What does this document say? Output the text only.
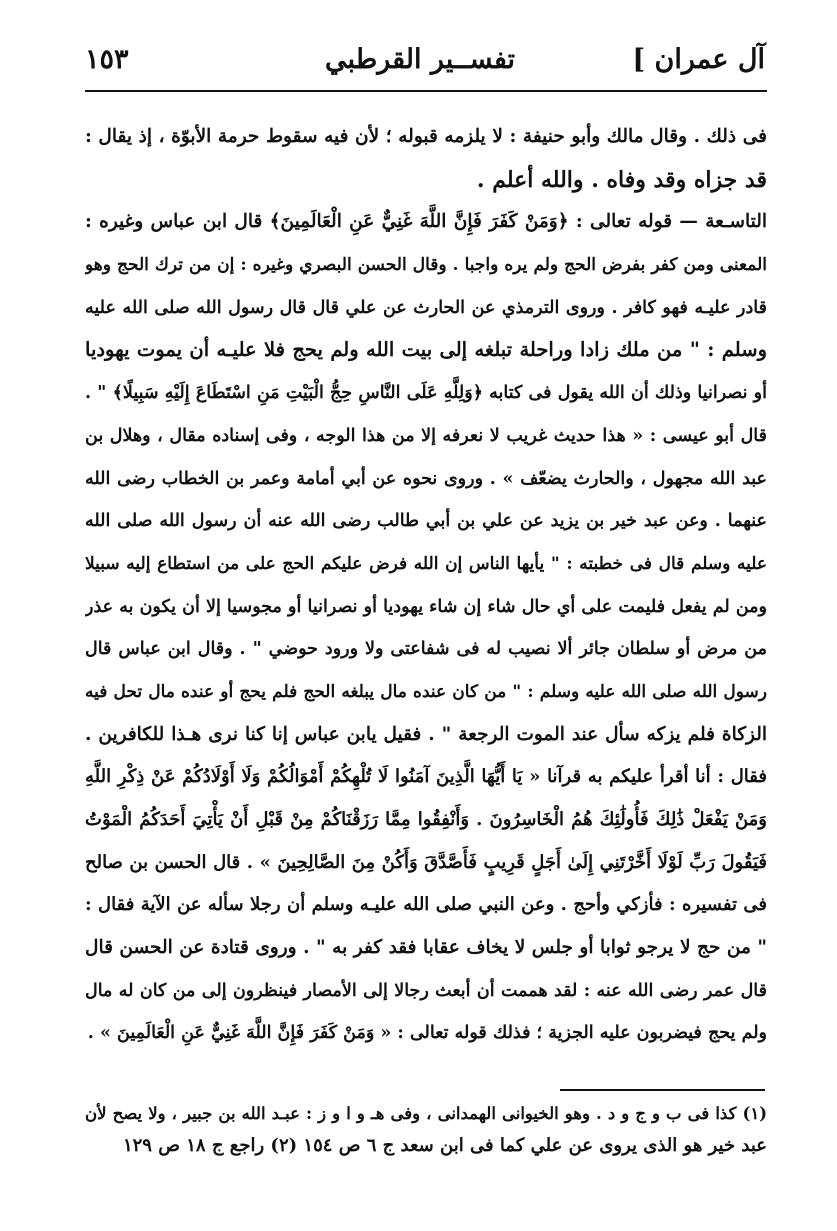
آل عمران ]
تفســير القرطبي
١٥٣
فى ذلك . وقال مالك وأبو حنيفة : لا يلزمه قبوله ؛ لأن فيه سقوط حرمة الأبوّة ، إذ يقال :
قد جزاه وقد وفاه . والله أعلم .
التاسـعة — قوله تعالى : ﴿وَمَنْ كَفَرَ فَإِنَّ اللَّهَ غَنِيٌّ عَنِ الْعَالَمِينَ﴾ قال ابن عباس وغيره :
المعنى ومن كفر بفرض الحج ولم يره واجبا . وقال الحسن البصري وغيره : إن من ترك الحج وهو
قادر عليـه فهو كافر . وروى الترمذي عن الحارث عن علي قال قال رسول الله صلى الله عليه
وسلم : " من ملك زادا وراحلة تبلغه إلى بيت الله ولم يحج فلا عليـه أن يموت يهوديا
أو نصرانيا وذلك أن الله يقول فى كتابه ﴿وَلِلَّهِ عَلَى النَّاسِ حِجُّ الْبَيْتِ مَنِ اسْتَطَاعَ إِلَيْهِ سَبِيلًا﴾ " .
قال أبو عيسى : « هذا حديث غريب لا نعرفه إلا من هذا الوجه ، وفى إسناده مقال ، وهلال بن
عبد الله مجهول ، والحارث يضعّف » . وروى نحوه عن أبي أمامة وعمر بن الخطاب رضى الله
عنهما . وعن عبد خير بن يزيد عن علي بن أبي طالب رضى الله عنه أن رسول الله صلى الله
عليه وسلم قال فى خطبته : " يأيها الناس إن الله فرض عليكم الحج على من استطاع إليه سبيلا
ومن لم يفعل فليمت على أي حال شاء إن شاء يهوديا أو نصرانيا أو مجوسيا إلا أن يكون به عذر
من مرض أو سلطان جائر ألا نصيب له فى شفاعتى ولا ورود حوضي " . وقال ابن عباس قال
رسول الله صلى الله عليه وسلم : " من كان عنده مال يبلغه الحج فلم يحج أو عنده مال تحل فيه
الزكاة فلم يزكه سأل عند الموت الرجعة " . فقيل يابن عباس إنا كنا نرى هـذا للكافرين .
فقال : أنا أقرأ عليكم به قرآنا « يَا أَيُّهَا الَّذِينَ آمَنُوا لَا تُلْهِكُمْ أَمْوَالُكُمْ وَلَا أَوْلَادُكُمْ عَنْ ذِكْرِ اللَّهِ
وَمَنْ يَفْعَلْ ذَٰلِكَ فَأُولَٰئِكَ هُمُ الْخَاسِرُونَ . وَأَنْفِقُوا مِمَّا رَزَقْنَاكُمْ مِنْ قَبْلِ أَنْ يَأْتِيَ أَحَدَكُمُ الْمَوْتُ
فَيَقُولَ رَبِّ لَوْلَا أَخَّرْتَنِي إِلَىٰ أَجَلٍ قَرِيبٍ فَأَصَّدَّقَ وَأَكُنْ مِنَ الصَّالِحِينَ » . قال الحسن بن صالح
فى تفسيره : فأزكي وأحج . وعن النبي صلى الله عليـه وسلم أن رجلا سأله عن الآية فقال :
" من حج لا يرجو ثوابا أو جلس لا يخاف عقابا فقد كفر به " . وروى قتادة عن الحسن قال
قال عمر رضى الله عنه : لقد هممت أن أبعث رجالا إلى الأمصار فينظرون إلى من كان له مال
ولم يحج فيضربون عليه الجزية ؛ فذلك قوله تعالى : « وَمَنْ كَفَرَ فَإِنَّ اللَّهَ غَنِيٌّ عَنِ الْعَالَمِينَ » .
(١) كذا فى ب و ج و د . وهو الخيوانى الهمدانى ، وفى هـ و ا و ز : عبـد الله بن جبير ، ولا يصح لأن
عبد خير هو الذى يروى عن علي كما فى ابن سعد ج ٦ ص ١٥٤ (٢) راجع ج ١٨ ص ١٢٩
